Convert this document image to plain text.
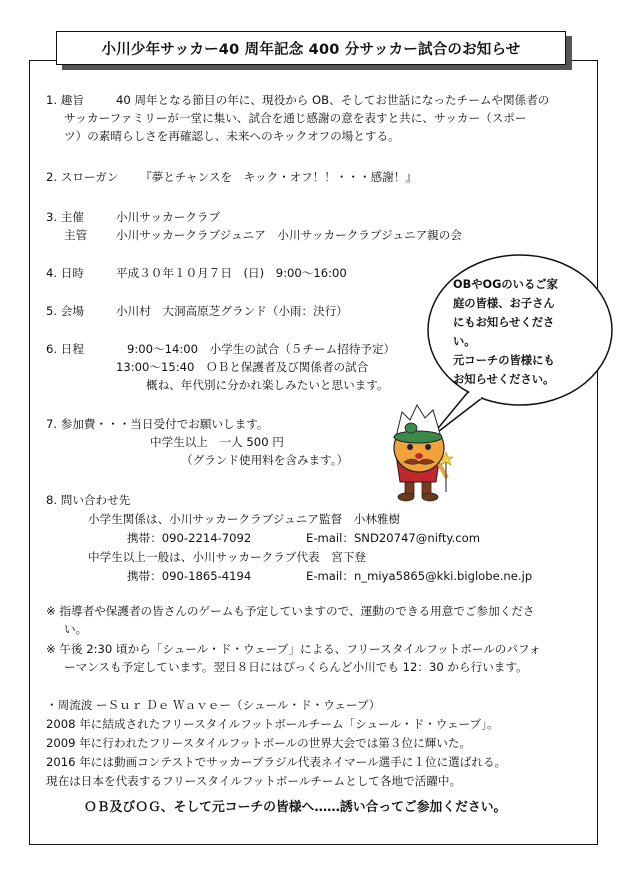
小川少年サッカー40 周年記念 400 分サッカー試合のお知らせ
1. 趣旨	40 周年となる節目の年に、現役から OB、そしてお世話になったチームや関係者の
サッカーファミリーが一堂に集い、試合を通じ感謝の意を表すと共に、サッカー（スポー
ツ）の素晴らしさを再確認し、未来へのキックオフの場とする。
2. スローガン 『夢とチャンスを　キック・オフ！！・・・感謝！』
3. 主催	小川サッカークラブ
主管 小川サッカークラブジュニア　小川サッカークラブジュニア親の会
4. 日時	平成３０年１０月７日　(日)　9:00～16:00
5. 会場	小川村　大洞高原芝グランド（小雨：決行）
6. 日程	9:00～14:00　小学生の試合（５チーム招待予定）
13:00～15:40　ＯＢと保護者及び関係者の試合
概ね、年代別に分かれ楽しみたいと思います。
7. 参加費・・・当日受付でお願いします。
中学生以上　一人 500 円
（グランド使用料を含みます。）
8. 問い合わせ先
小学生関係は、小川サッカークラブジュニア監督　小林雅樹
携帯：090-2214-7092	E-mail：SND20747@nifty.com
中学生以上一般は、小川サッカークラブ代表　宮下登
携帯：090-1865-4194	E-mail：n_miya5865@kki.biglobe.ne.jp
※ 指導者や保護者の皆さんのゲームも予定していますので、運動のできる用意でご参加くださ
い。
※ 午後 2:30 頃から「シュール・ド・ウェーブ」による、フリースタイルフットボールのパフォ
ーマンスも予定しています。翌日８日にはぴっくらんど小川でも 12：30 から行います。
・周流波 ーＳｕｒ Ｄｅ Ｗａｖｅー（シュール・ド・ウェーブ）
2008 年に結成されたフリースタイルフットボールチーム「シュール・ド・ウェーブ」。
2009 年に行われたフリースタイルフットボールの世界大会では第３位に輝いた。
2016 年には動画コンテストでサッカーブラジル代表ネイマール選手に１位に選ばれる。
現在は日本を代表するフリースタイルフットボールチームとして各地で活躍中。
ＯＢ及びＯＧ、そして元コーチの皆様へ……誘い合ってご参加ください。
OBやOGのいるご家
庭の皆様、お子さん
にもお知らせくださ
い。
元コーチの皆様にも
お知らせください。
